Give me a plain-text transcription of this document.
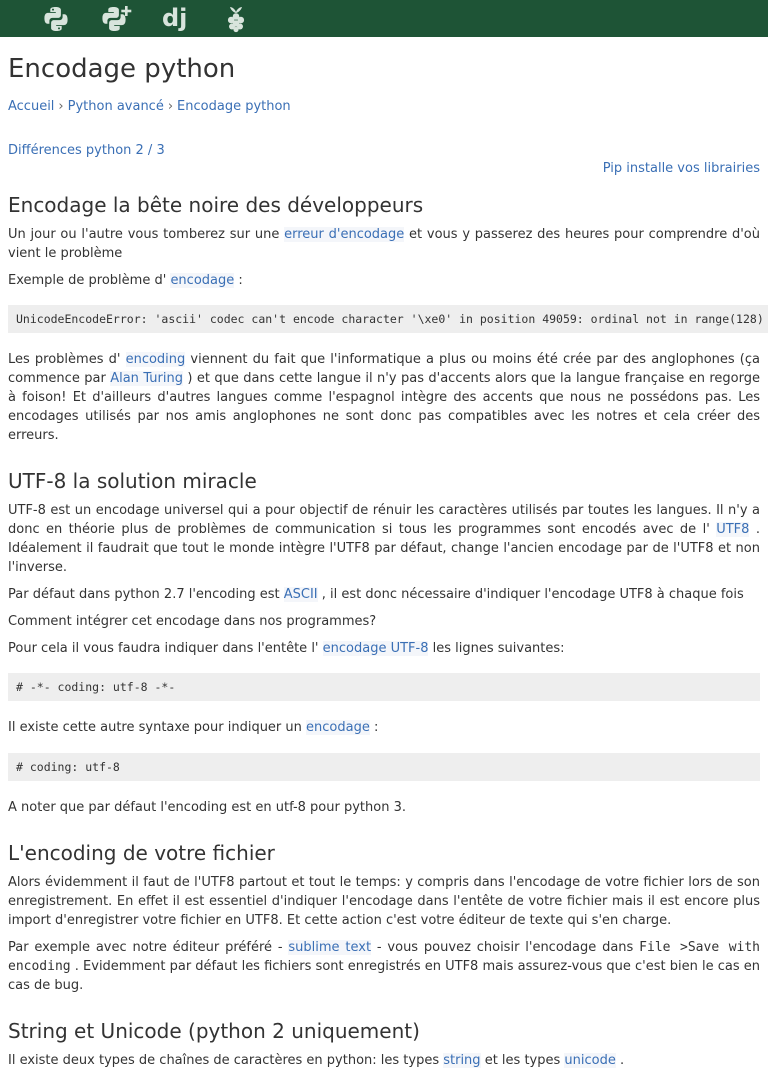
dj
Encodage python
Accueil › Python avancé › Encodage python
Différences python 2 / 3
Pip installe vos librairies
Encodage la bête noire des développeurs

Un jour ou l'autre vous tomberez sur une erreur d'encodage et vous y passerez des heures pour comprendre d'où vient le problème

Exemple de problème d' encodage :

UnicodeEncodeError: 'ascii' codec can't encode character '\xe0' in position 49059: ordinal not in range(128)

Les problèmes d' encoding viennent du fait que l'informatique a plus ou moins été crée par des anglophones (ça commence par Alan Turing ) et que dans cette langue il n'y pas d'accents alors que la langue française en regorge à foison! Et d'ailleurs d'autres langues comme l'espagnol intègre des accents que nous ne possédons pas. Les encodages utilisés par nos amis anglophones ne sont donc pas compatibles avec les notres et cela créer des erreurs.

UTF-8 la solution miracle

UTF-8 est un encodage universel qui a pour objectif de rénuir les caractères utilisés par toutes les langues. Il n'y a donc en théorie plus de problèmes de communication si tous les programmes sont encodés avec de l' UTF8 . Idéalement il faudrait que tout le monde intègre l'UTF8 par défaut, change l'ancien encodage par de l'UTF8 et non l'inverse.

Par défaut dans python 2.7 l'encoding est ASCII , il est donc nécessaire d'indiquer l'encodage UTF8 à chaque fois

Comment intégrer cet encodage dans nos programmes?

Pour cela il vous faudra indiquer dans l'entête l' encodage UTF-8 les lignes suivantes:

# -*- coding: utf-8 -*-

Il existe cette autre syntaxe pour indiquer un encodage :

# coding: utf-8

A noter que par défaut l'encoding est en utf-8 pour python 3.

L'encoding de votre fichier

Alors évidemment il faut de l'UTF8 partout et tout le temps: y compris dans l'encodage de votre fichier lors de son enregistrement. En effet il est essentiel d'indiquer l'encodage dans l'entête de votre fichier mais il est encore plus import d'enregistrer votre fichier en UTF8. Et cette action c'est votre éditeur de texte qui s'en charge.

Par exemple avec notre éditeur préféré - sublime text - vous pouvez choisir l'encodage dans File >Save with encoding . Evidemment par défaut les fichiers sont enregistrés en UTF8 mais assurez-vous que c'est bien le cas en cas de bug.

String et Unicode (python 2 uniquement)

Il existe deux types de chaînes de caractères en python: les types string et les types unicode .
